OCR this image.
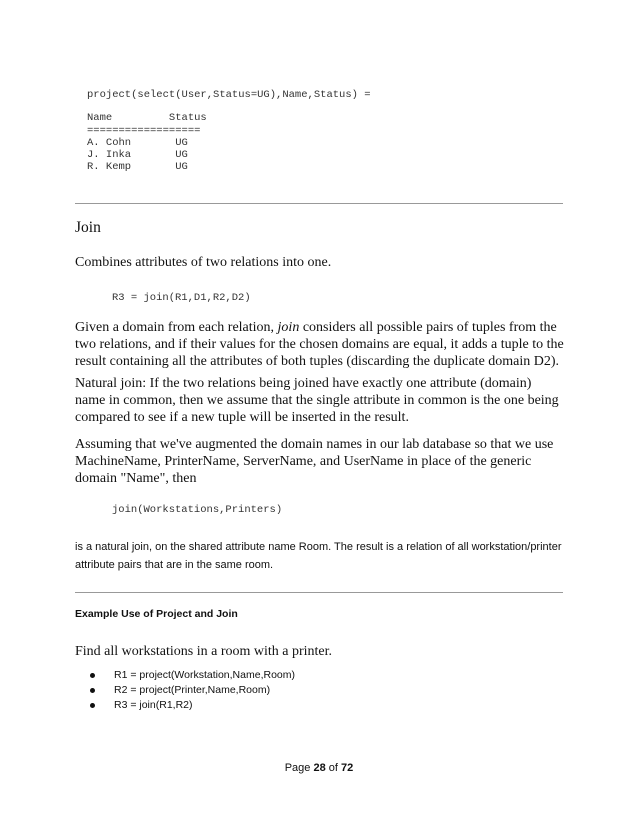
project(select(User,Status=UG),Name,Status) =
Name         Status
==================
A. Cohn       UG
J. Inka       UG
R. Kemp       UG
Join
Combines attributes of two relations into one.
R3 = join(R1,D1,R2,D2)

Given a domain from each relation, join considers all possible pairs of tuples from the two relations, and if their values for the chosen domains are equal, it adds a tuple to the result containing all the attributes of both tuples (discarding the duplicate domain D2).

Natural join: If the two relations being joined have exactly one attribute (domain) name in common, then we assume that the single attribute in common is the one being compared to see if a new tuple will be inserted in the result.

Assuming that we've augmented the domain names in our lab database so that we use MachineName, PrinterName, ServerName, and UserName in place of the generic domain "Name", then

join(Workstations,Printers)

is a natural join, on the shared attribute name Room. The result is a relation of all workstation/printer attribute pairs that are in the same room.

Example Use of Project and Join
Find all workstations in a room with a printer.
R1 = project(Workstation,Name,Room)
R2 = project(Printer,Name,Room)
R3 = join(R1,R2)
Page 28 of 72
